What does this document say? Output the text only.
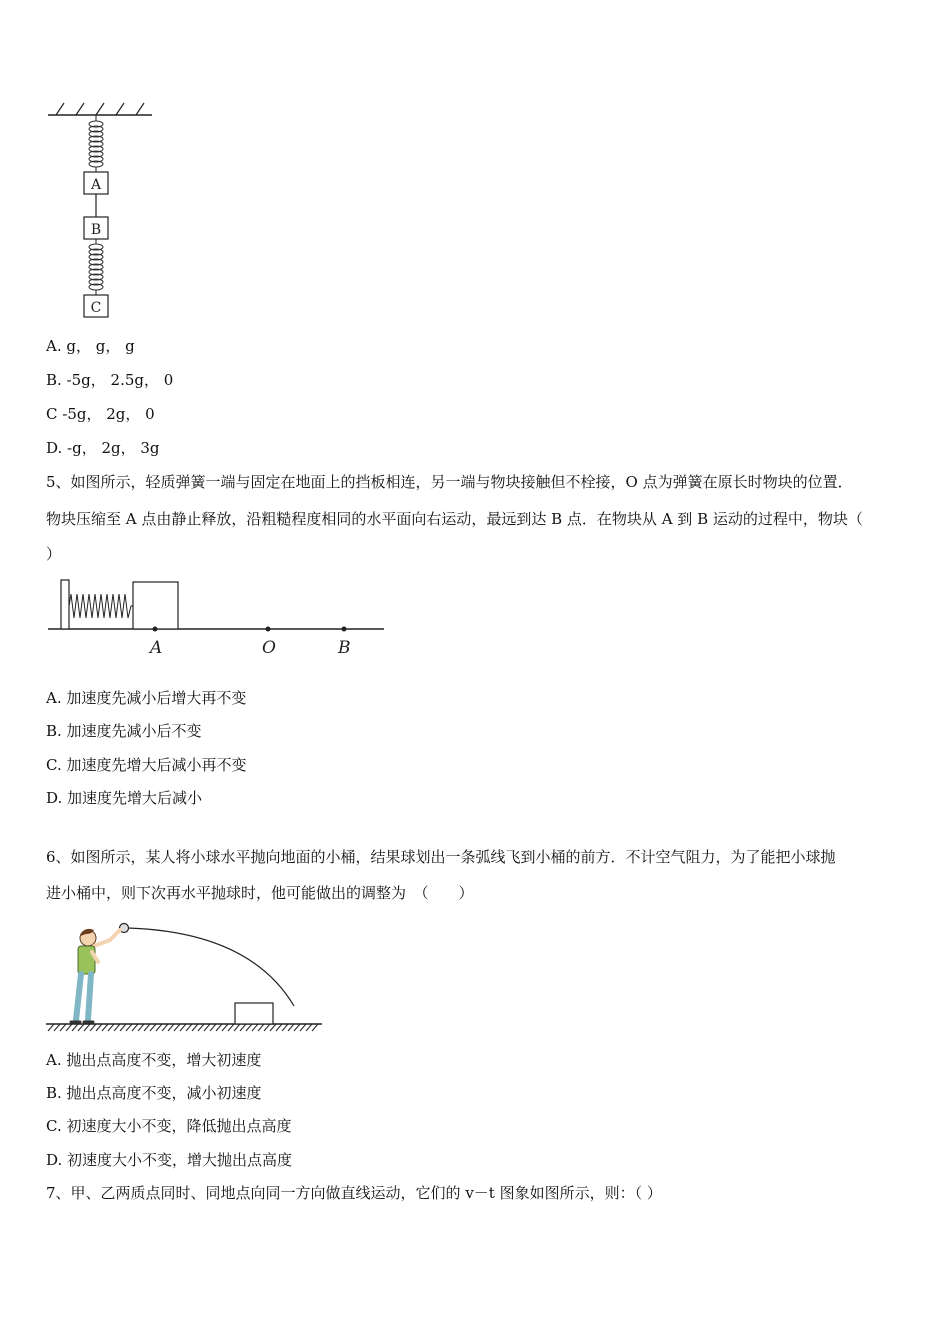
A
B
C
A. g， g， g
B. -5g， 2.5g， 0
C -5g， 2g， 0
D. -g， 2g， 3g
5、如图所示，轻质弹簧一端与固定在地面上的挡板相连，另一端与物块接触但不栓接，O 点为弹簧在原长时物块的位置．
物块压缩至 A 点由静止释放，沿粗糙程度相同的水平面向右运动，最远到达 B 点．在物块从 A 到 B 运动的过程中，物块（
）
A	O	B
A. 加速度先减小后增大再不变
B. 加速度先减小后不变
C. 加速度先增大后减小再不变
D. 加速度先增大后减小
6、如图所示，某人将小球水平抛向地面的小桶，结果球划出一条弧线飞到小桶的前方．不计空气阻力，为了能把小球抛
进小桶中，则下次再水平抛球时，他可能做出的调整为　（　　）
A. 抛出点高度不变，增大初速度
B. 抛出点高度不变，减小初速度
C. 初速度大小不变，降低抛出点高度
D. 初速度大小不变，增大抛出点高度
7、甲、乙两质点同时、同地点向同一方向做直线运动，它们的 v－t 图象如图所示，则：（ ）
